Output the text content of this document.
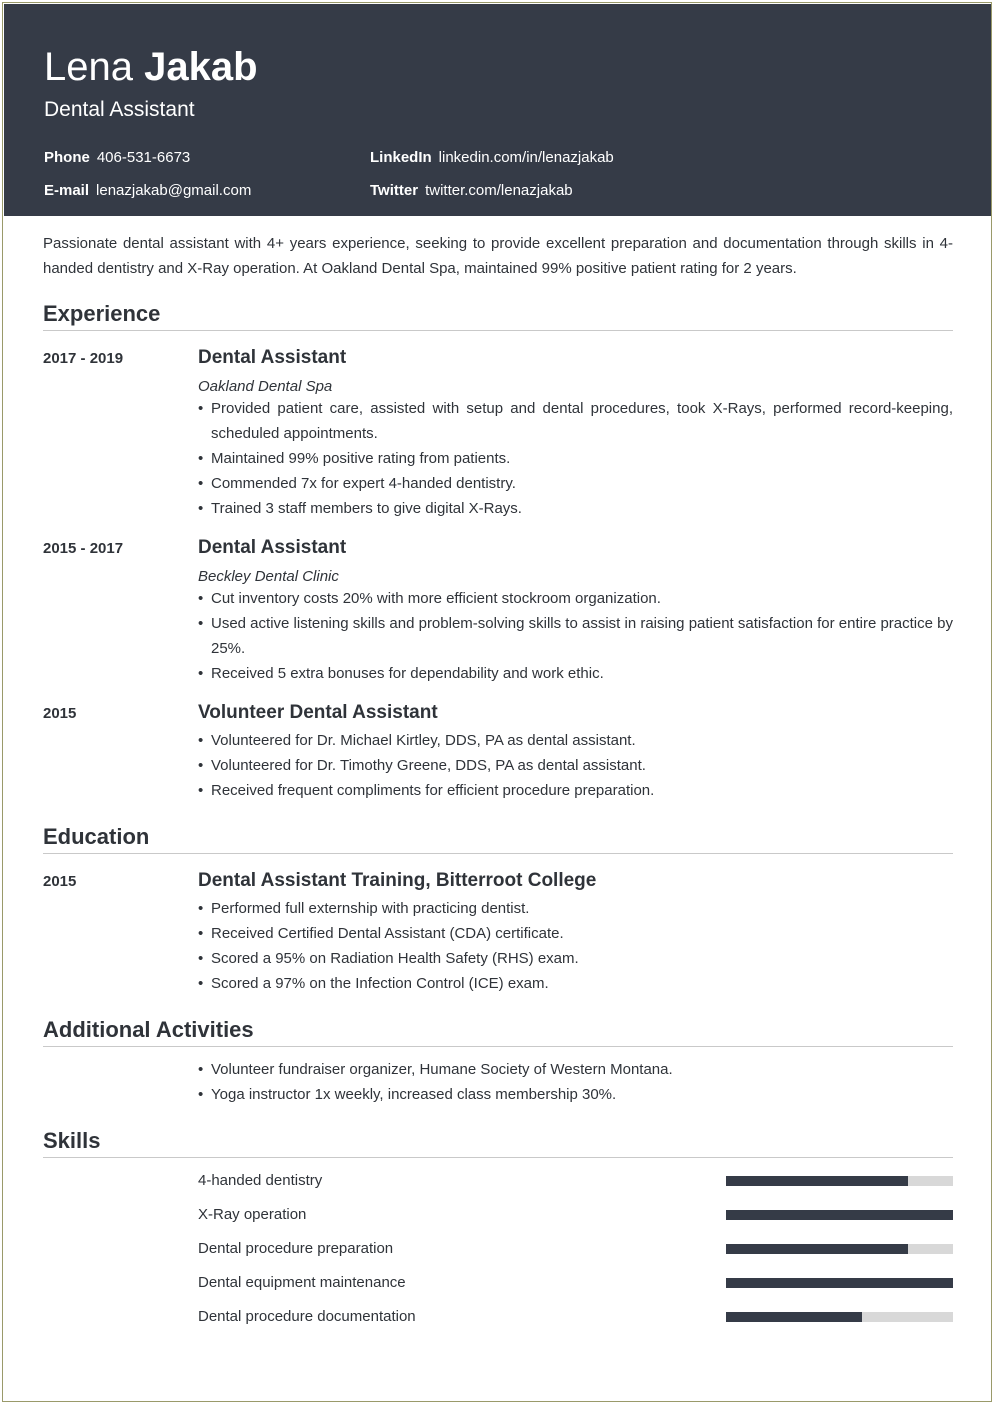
Lena Jakab
Dental Assistant
Phone 406-531-6673
E-mail lenazjakab@gmail.com
LinkedIn linkedin.com/in/lenazjakab
Twitter twitter.com/lenazjakab
Passionate dental assistant with 4+ years experience, seeking to provide excellent preparation and documentation through skills in 4-handed dentistry and X-Ray operation. At Oakland Dental Spa, maintained 99% positive patient rating for 2 years.
Experience
2017 - 2019	Dental Assistant
Oakland Dental Spa
• Provided patient care, assisted with setup and dental procedures, took X-Rays, performed record-keeping, scheduled appointments.
• Maintained 99% positive rating from patients.
• Commended 7x for expert 4-handed dentistry.
• Trained 3 staff members to give digital X-Rays.
2015 - 2017	Dental Assistant
Beckley Dental Clinic
• Cut inventory costs 20% with more efficient stockroom organization.
• Used active listening skills and problem-solving skills to assist in raising patient satisfaction for entire practice by 25%.
• Received 5 extra bonuses for dependability and work ethic.
2015	Volunteer Dental Assistant
• Volunteered for Dr. Michael Kirtley, DDS, PA as dental assistant.
• Volunteered for Dr. Timothy Greene, DDS, PA as dental assistant.
• Received frequent compliments for efficient procedure preparation.
Education
2015	Dental Assistant Training, Bitterroot College
• Performed full externship with practicing dentist.
• Received Certified Dental Assistant (CDA) certificate.
• Scored a 95% on Radiation Health Safety (RHS) exam.
• Scored a 97% on the Infection Control (ICE) exam.
Additional Activities
• Volunteer fundraiser organizer, Humane Society of Western Montana.
• Yoga instructor 1x weekly, increased class membership 30%.
Skills
4-handed dentistry
X-Ray operation
Dental procedure preparation
Dental equipment maintenance
Dental procedure documentation
